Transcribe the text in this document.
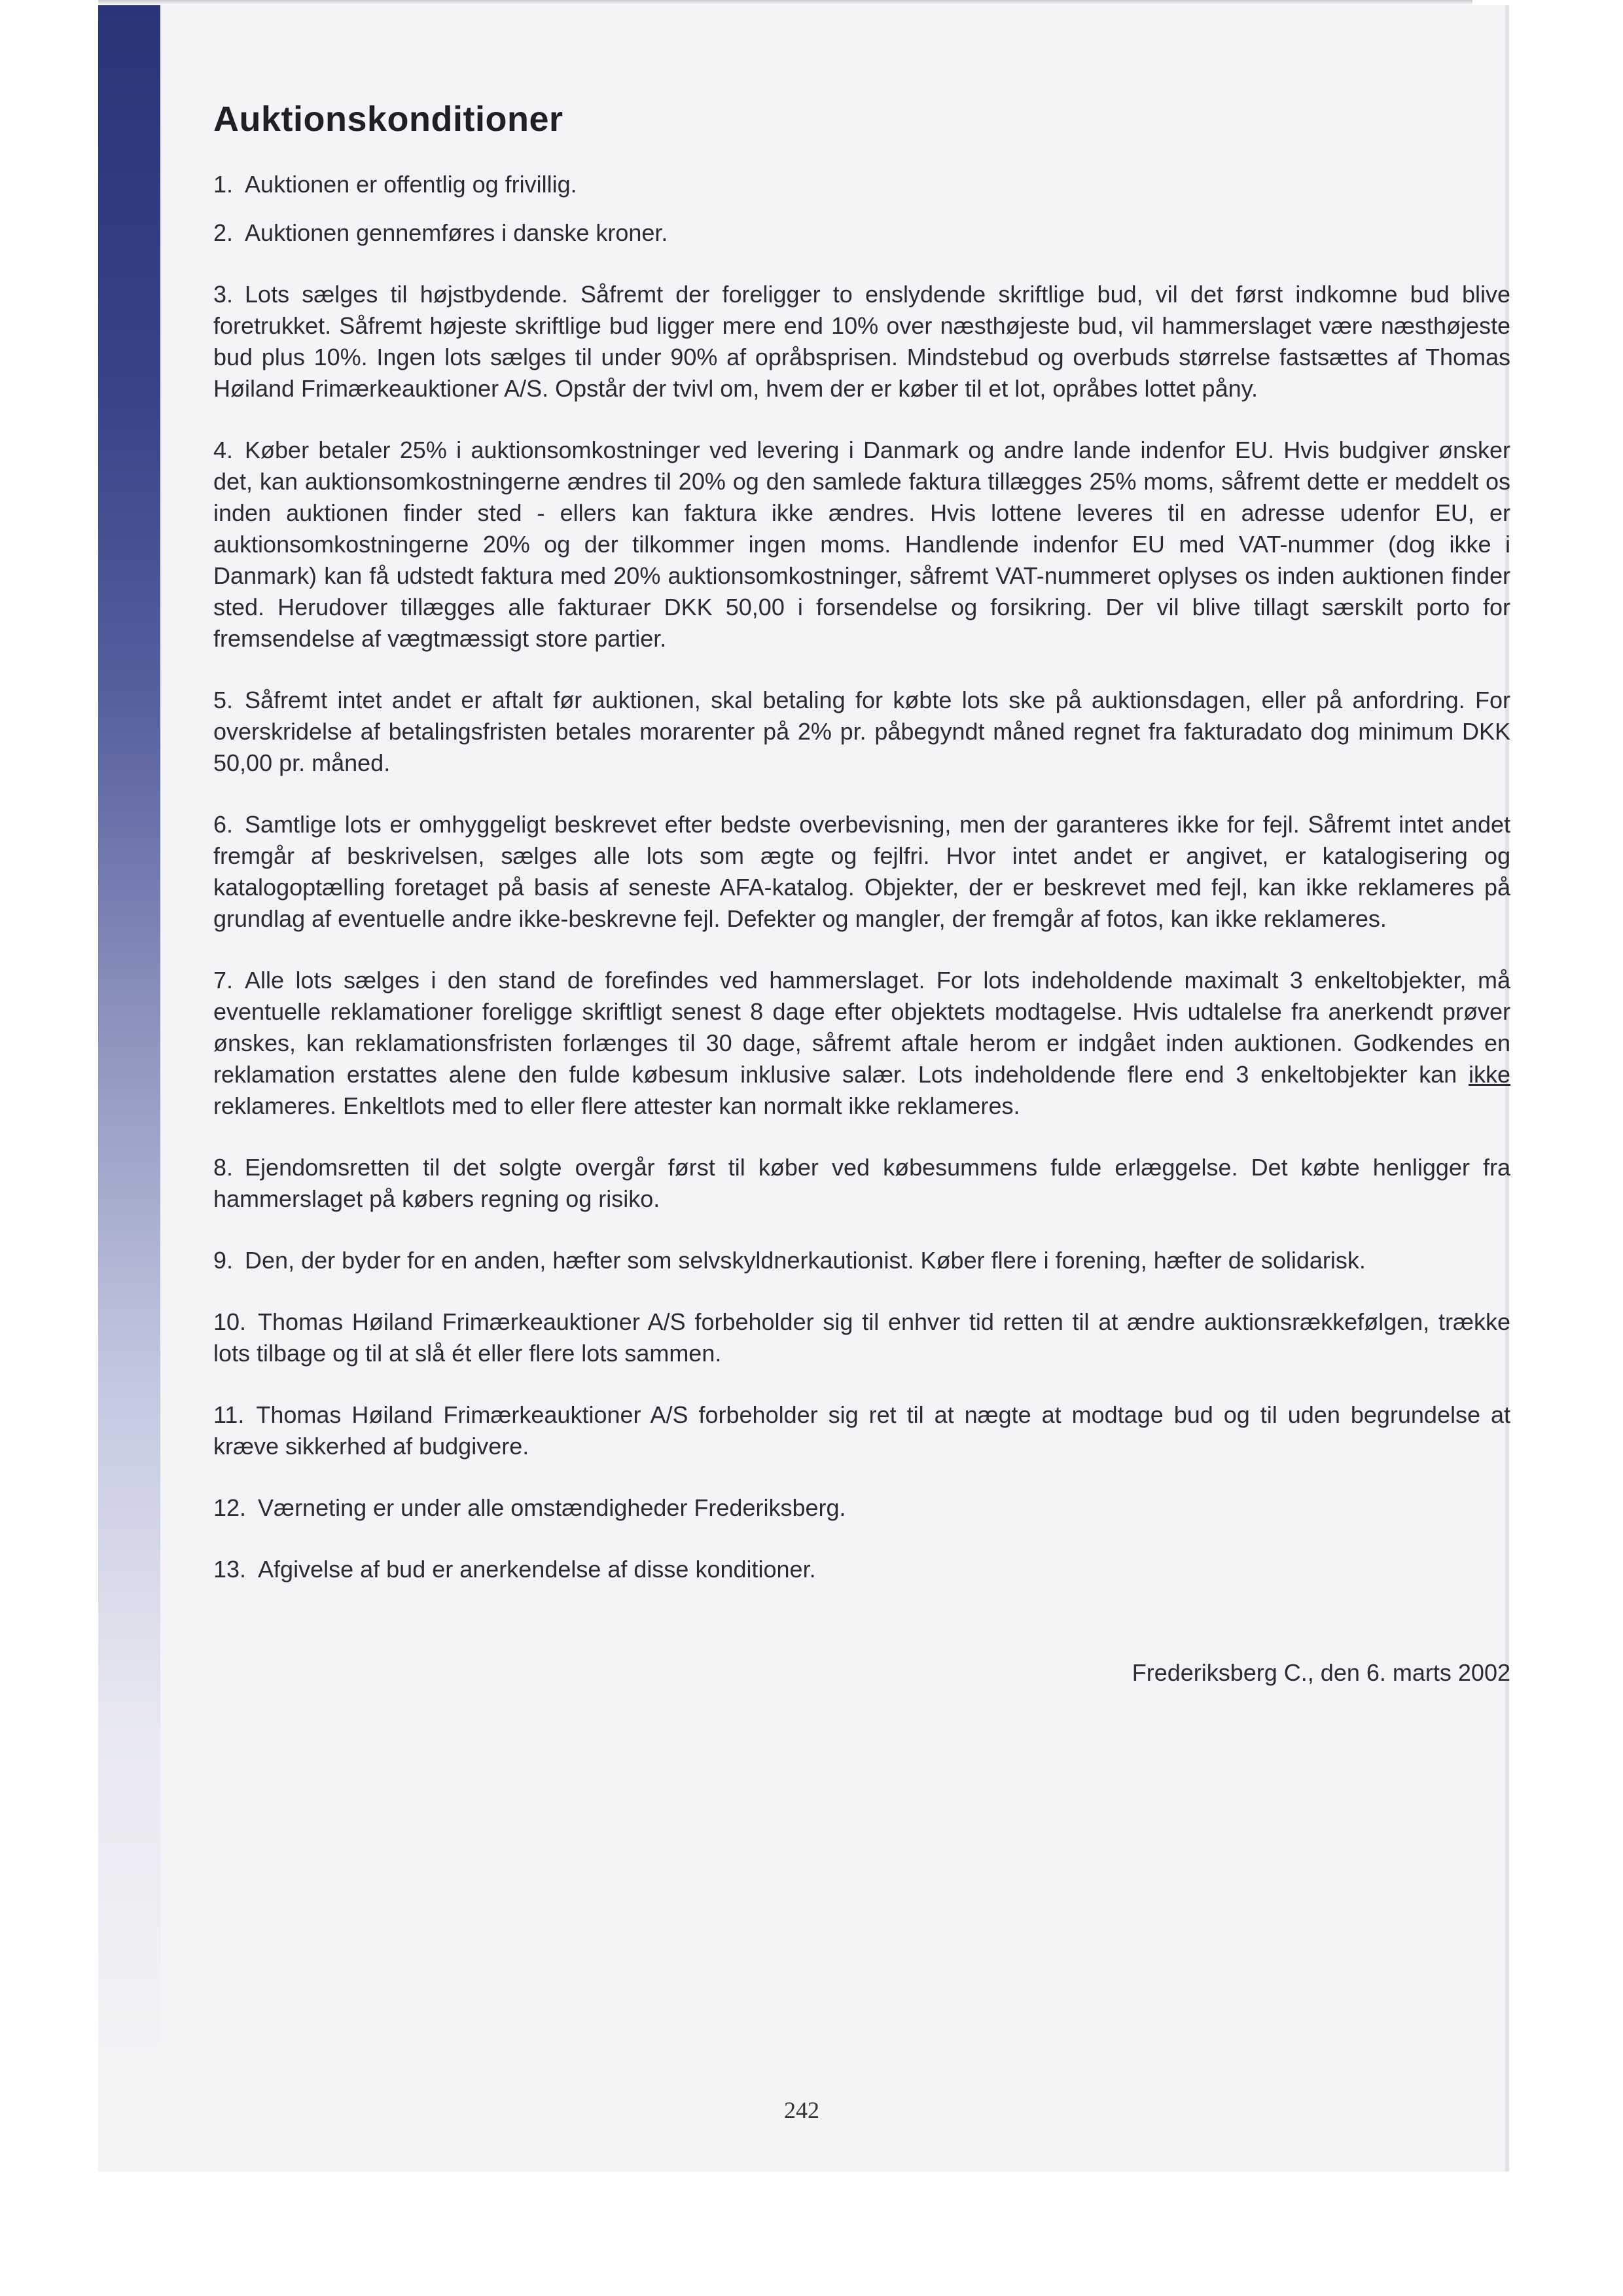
Auktionskonditioner

1. Auktionen er offentlig og frivillig.

2. Auktionen gennemføres i danske kroner.

3. Lots sælges til højstbydende. Såfremt der foreligger to enslydende skriftlige bud, vil det først indkomne bud blive foretrukket. Såfremt højeste skriftlige bud ligger mere end 10% over næsthøjeste bud, vil hammerslaget være næsthøjeste bud plus 10%. Ingen lots sælges til under 90% af opråbsprisen. Mindstebud og overbuds størrelse fastsættes af Thomas Høiland Frimærkeauktioner A/S. Opstår der tvivl om, hvem der er køber til et lot, opråbes lottet påny.

4. Køber betaler 25% i auktionsomkostninger ved levering i Danmark og andre lande indenfor EU. Hvis budgiver ønsker det, kan auktionsomkostningerne ændres til 20% og den samlede faktura tillægges 25% moms, såfremt dette er meddelt os inden auktionen finder sted - ellers kan faktura ikke ændres. Hvis lottene leveres til en adresse udenfor EU, er auktionsomkostningerne 20% og der tilkommer ingen moms. Handlende indenfor EU med VAT-nummer (dog ikke i Danmark) kan få udstedt faktura med 20% auktionsomkostninger, såfremt VAT-nummeret oplyses os inden auktionen finder sted. Herudover tillægges alle fakturaer DKK 50,00 i forsendelse og forsikring. Der vil blive tillagt særskilt porto for fremsendelse af vægtmæssigt store partier.

5. Såfremt intet andet er aftalt før auktionen, skal betaling for købte lots ske på auktionsdagen, eller på anfordring. For overskridelse af betalingsfristen betales morarenter på 2% pr. påbegyndt måned regnet fra fakturadato dog minimum DKK 50,00 pr. måned.

6. Samtlige lots er omhyggeligt beskrevet efter bedste overbevisning, men der garanteres ikke for fejl. Såfremt intet andet fremgår af beskrivelsen, sælges alle lots som ægte og fejlfri. Hvor intet andet er angivet, er katalogisering og katalogoptælling foretaget på basis af seneste AFA-katalog. Objekter, der er beskrevet med fejl, kan ikke reklameres på grundlag af eventuelle andre ikke-beskrevne fejl. Defekter og mangler, der fremgår af fotos, kan ikke reklameres.

7. Alle lots sælges i den stand de forefindes ved hammerslaget. For lots indeholdende maximalt 3 enkeltobjekter, må eventuelle reklamationer foreligge skriftligt senest 8 dage efter objektets modtagelse. Hvis udtalelse fra anerkendt prøver ønskes, kan reklamationsfristen forlænges til 30 dage, såfremt aftale herom er indgået inden auktionen. Godkendes en reklamation erstattes alene den fulde købesum inklusive salær. Lots indeholdende flere end 3 enkeltobjekter kan ikke reklameres. Enkeltlots med to eller flere attester kan normalt ikke reklameres.

8. Ejendomsretten til det solgte overgår først til køber ved købesummens fulde erlæggelse. Det købte henligger fra hammerslaget på købers regning og risiko.

9. Den, der byder for en anden, hæfter som selvskyldnerkautionist. Køber flere i forening, hæfter de solidarisk.

10. Thomas Høiland Frimærkeauktioner A/S forbeholder sig til enhver tid retten til at ændre auktionsrækkefølgen, trække lots tilbage og til at slå ét eller flere lots sammen.

11. Thomas Høiland Frimærkeauktioner A/S forbeholder sig ret til at nægte at modtage bud og til uden begrundelse at kræve sikkerhed af budgivere.

12. Værneting er under alle omstændigheder Frederiksberg.

13. Afgivelse af bud er anerkendelse af disse konditioner.

Frederiksberg C., den 6. marts 2002
242
